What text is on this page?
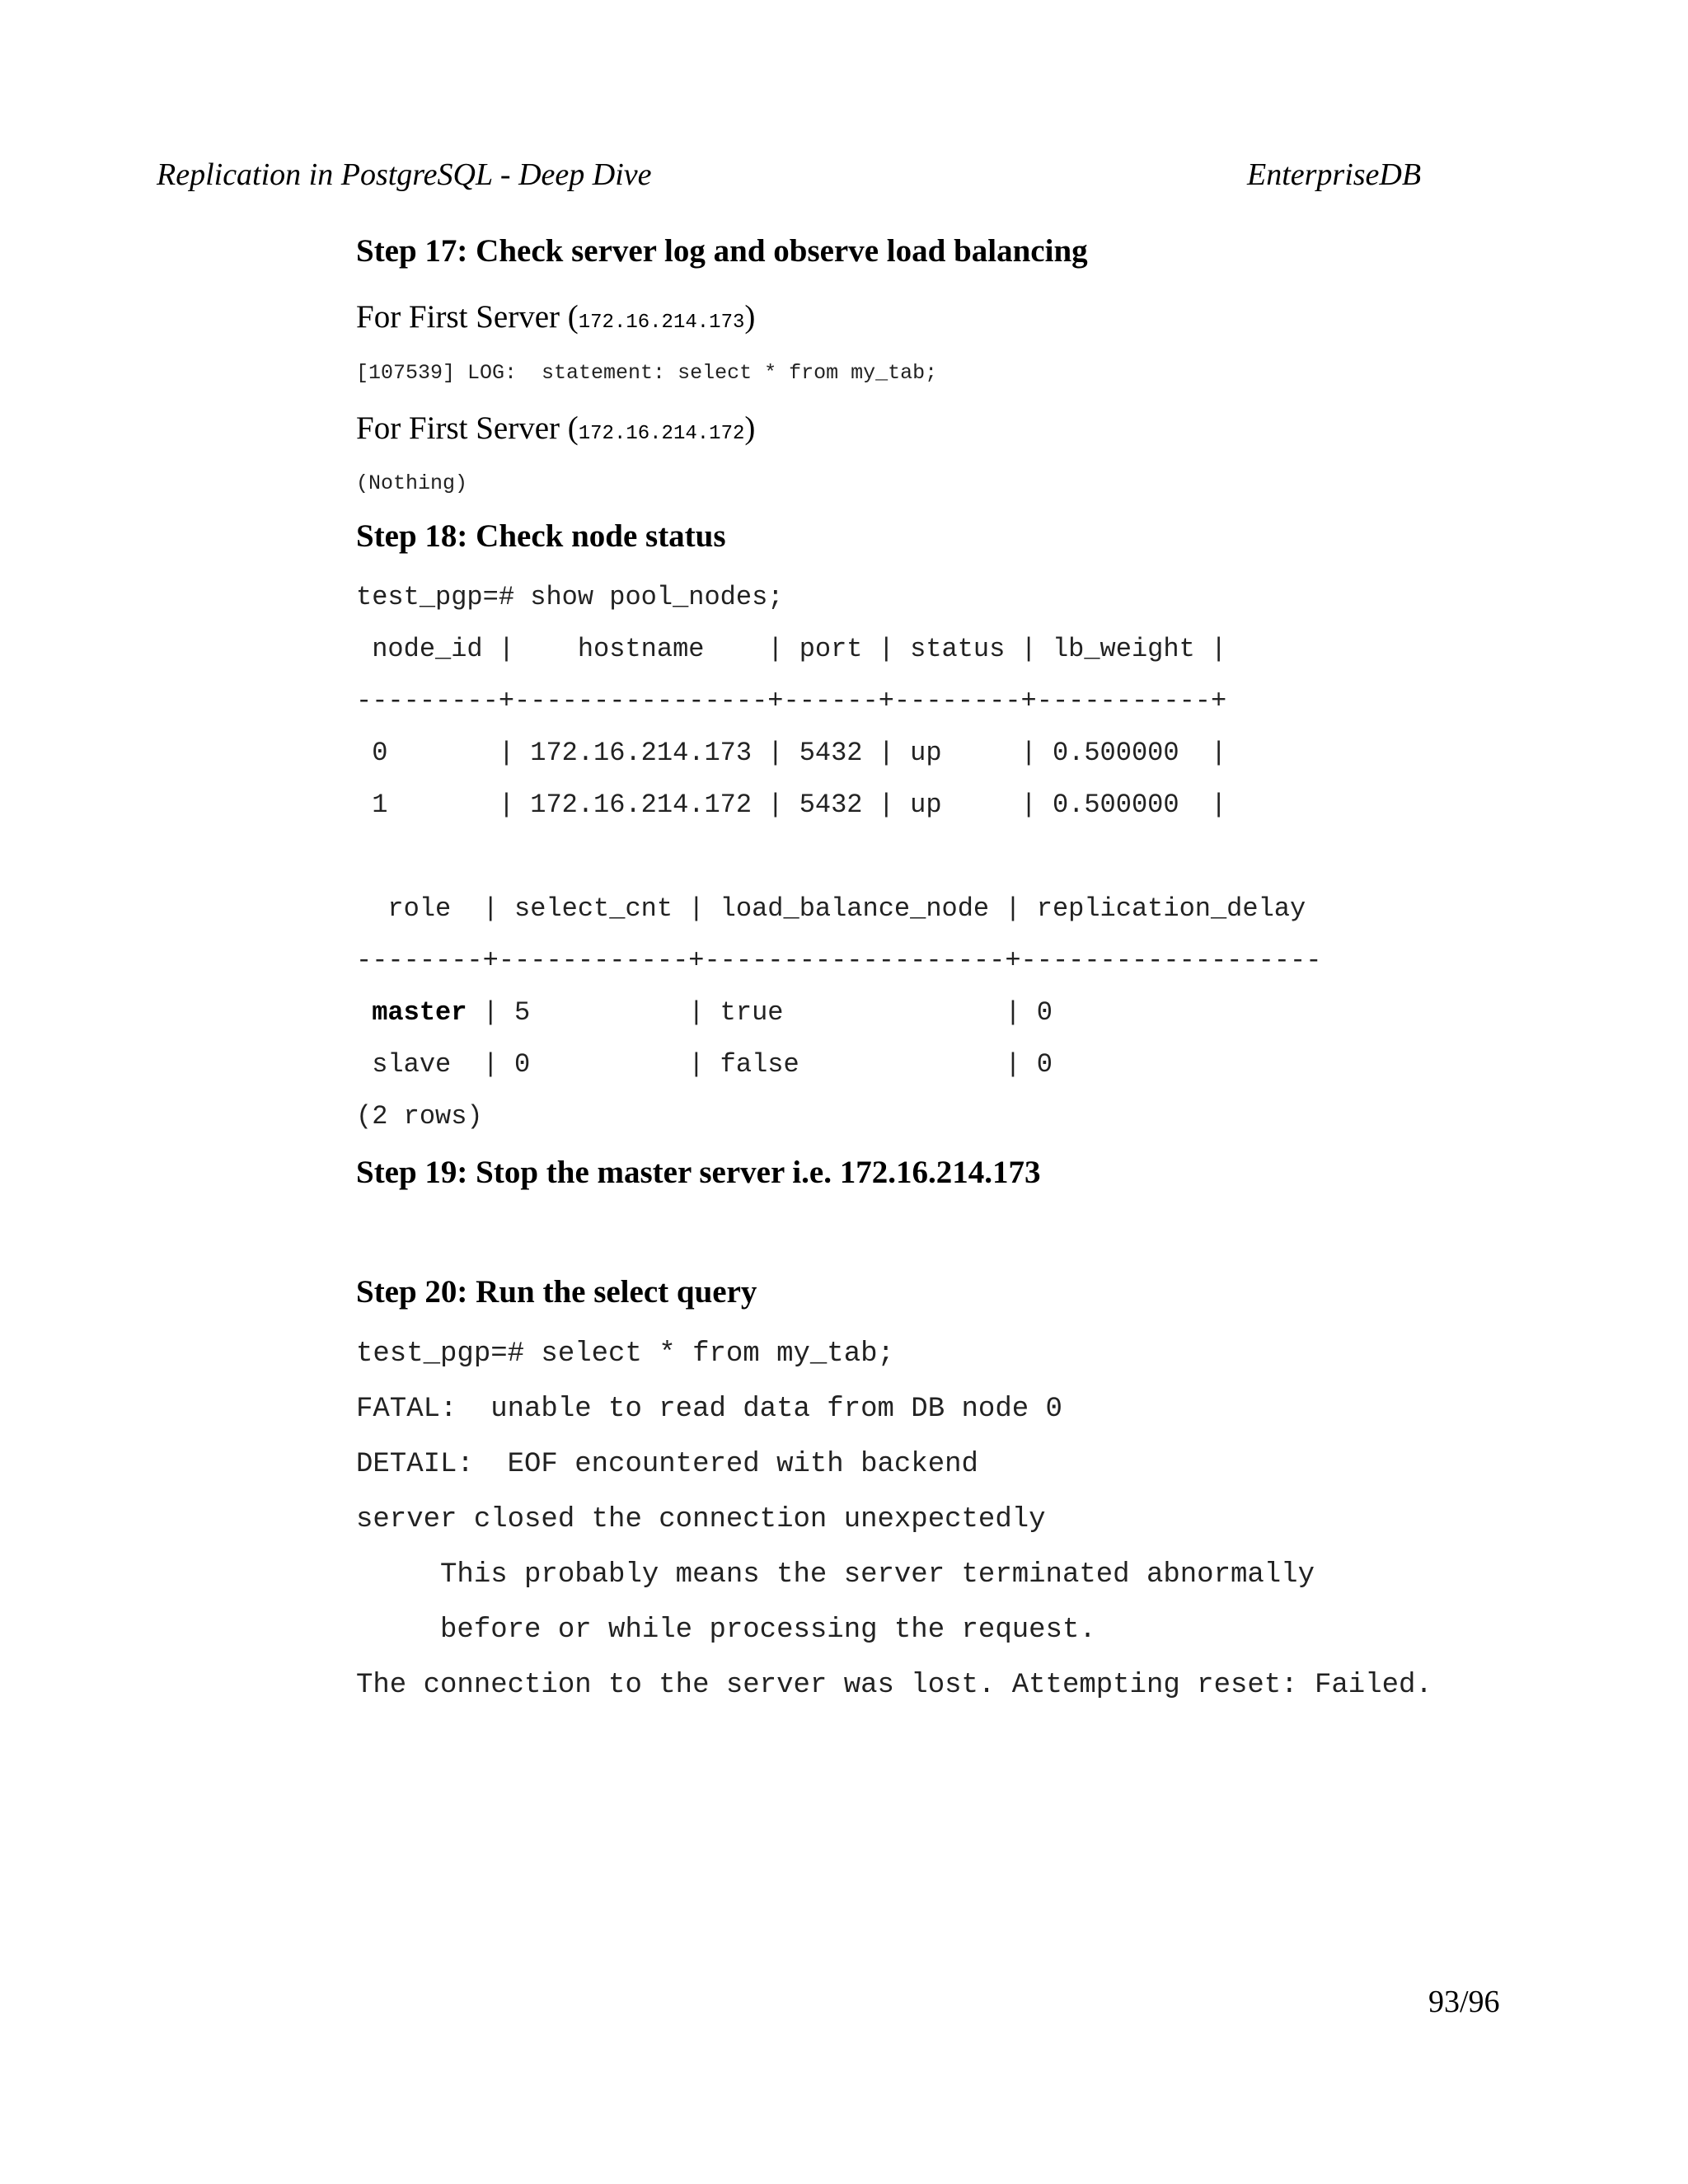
Replication in PostgreSQL - Deep Dive	EnterpriseDB
Step 17: Check server log and observe load balancing
For First Server (172.16.214.173)
[107539] LOG:  statement: select * from my_tab;
For First Server (172.16.214.172)
(Nothing)
Step 18: Check node status
test_pgp=# show pool_nodes;
node_id |    hostname    | port | status | lb_weight |
---------+----------------+------+--------+-----------+
0       | 172.16.214.173 | 5432 | up     | 0.500000  |
1       | 172.16.214.172 | 5432 | up     | 0.500000  |
role  | select_cnt | load_balance_node | replication_delay
--------+------------+-------------------+-------------------
master | 5          | true              | 0
slave  | 0          | false             | 0
(2 rows)
Step 19: Stop the master server i.e. 172.16.214.173
Step 20: Run the select query
test_pgp=# select * from my_tab;
FATAL:  unable to read data from DB node 0
DETAIL:  EOF encountered with backend
server closed the connection unexpectedly
This probably means the server terminated abnormally
before or while processing the request.
The connection to the server was lost. Attempting reset: Failed.
93/96
